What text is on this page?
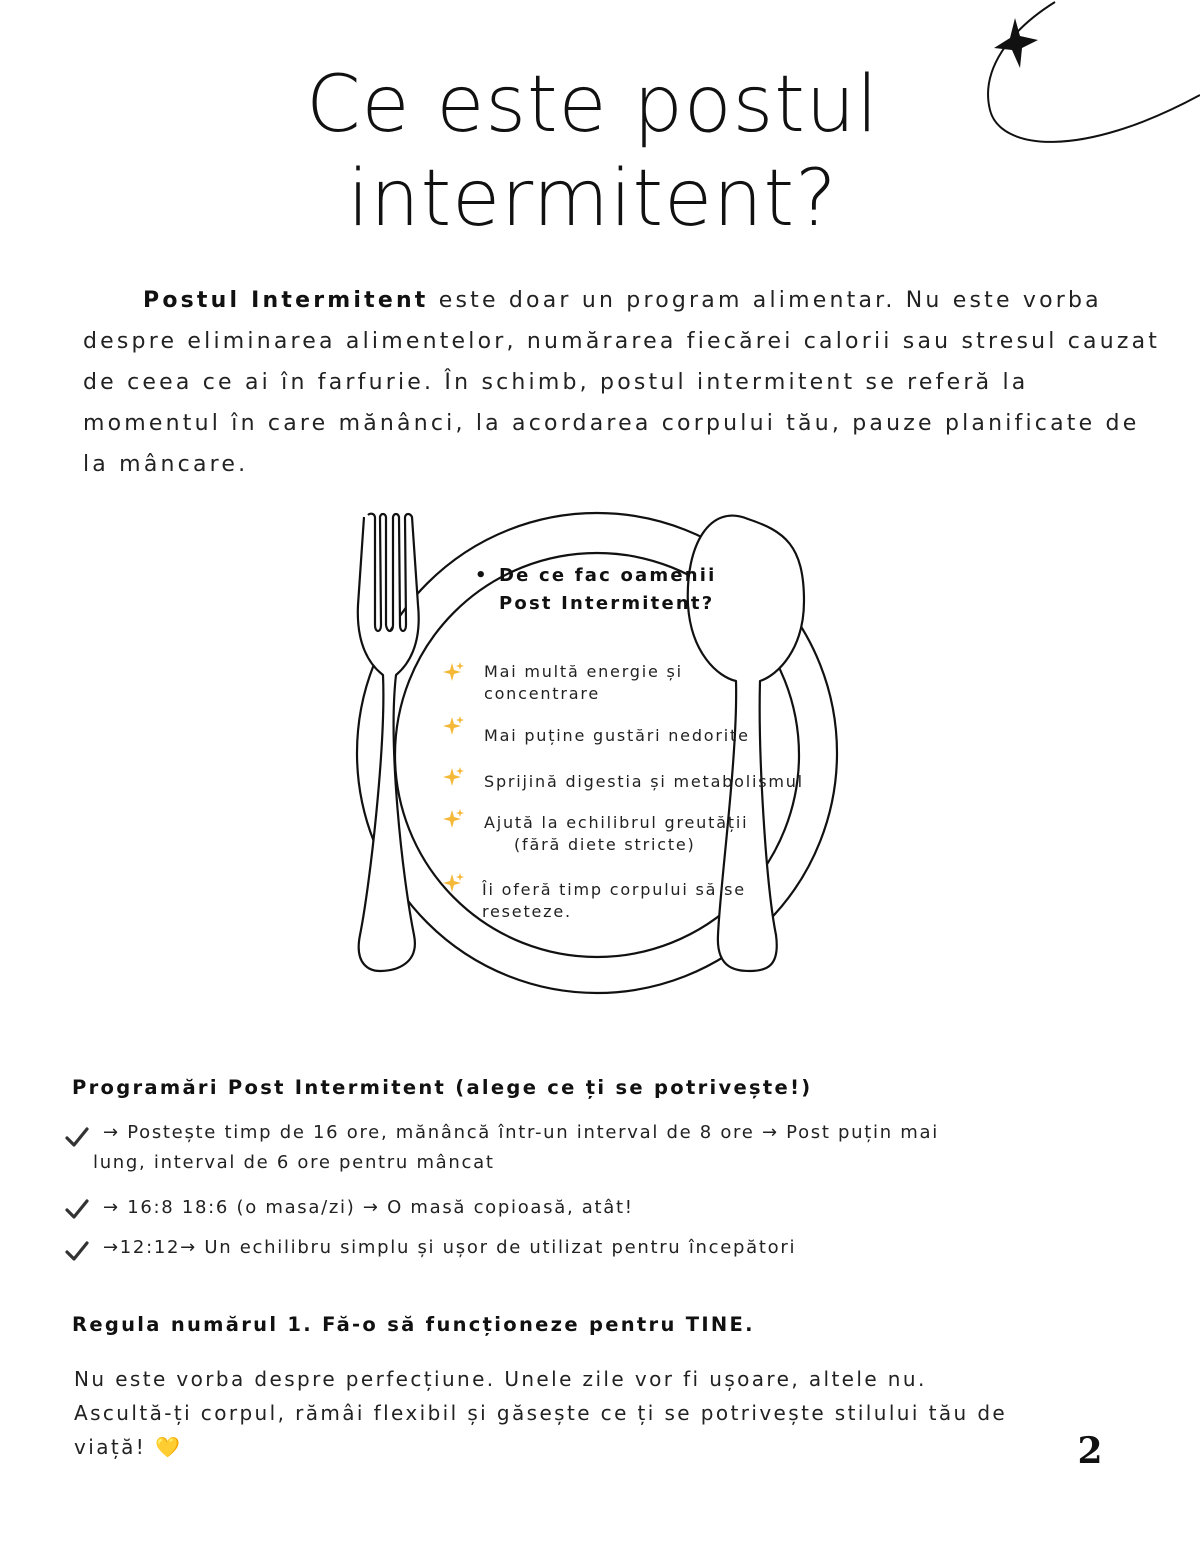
Ce este postul
intermitent?

Postul Intermitent este doar un program alimentar. Nu este vorba despre eliminarea alimentelor, numărarea fiecărei calorii sau stresul cauzat de ceea ce ai în farfurie. În schimb, postul intermitent se referă la momentul în care mănânci, la acordarea corpului tău, pauze planificate de la mâncare.

• De ce fac oamenii
Post Intermitent?
Mai multă energie și
concentrare
Mai puține gustări nedorite
Sprijină digestia și metabolismul
Ajută la echilibrul greutății
(fără diete stricte)
Îi oferă timp corpului să se
reseteze.
Programări Post Intermitent (alege ce ți se potrivește!)
→ Postește timp de 16 ore, mănâncă într-un interval de 8 ore → Post puțin mai
lung, interval de 6 ore pentru mâncat
→ 16:8 18:6 (o masa/zi) → O masă copioasă, atât!
→12:12→ Un echilibru simplu și ușor de utilizat pentru începători
Regula numărul 1. Fă-o să funcționeze pentru TINE.
Nu este vorba despre perfecțiune. Unele zile vor fi ușoare, altele nu.
Ascultă-ți corpul, rămâi flexibil și găsește ce ți se potrivește stilului tău de
viață! 💛	2
